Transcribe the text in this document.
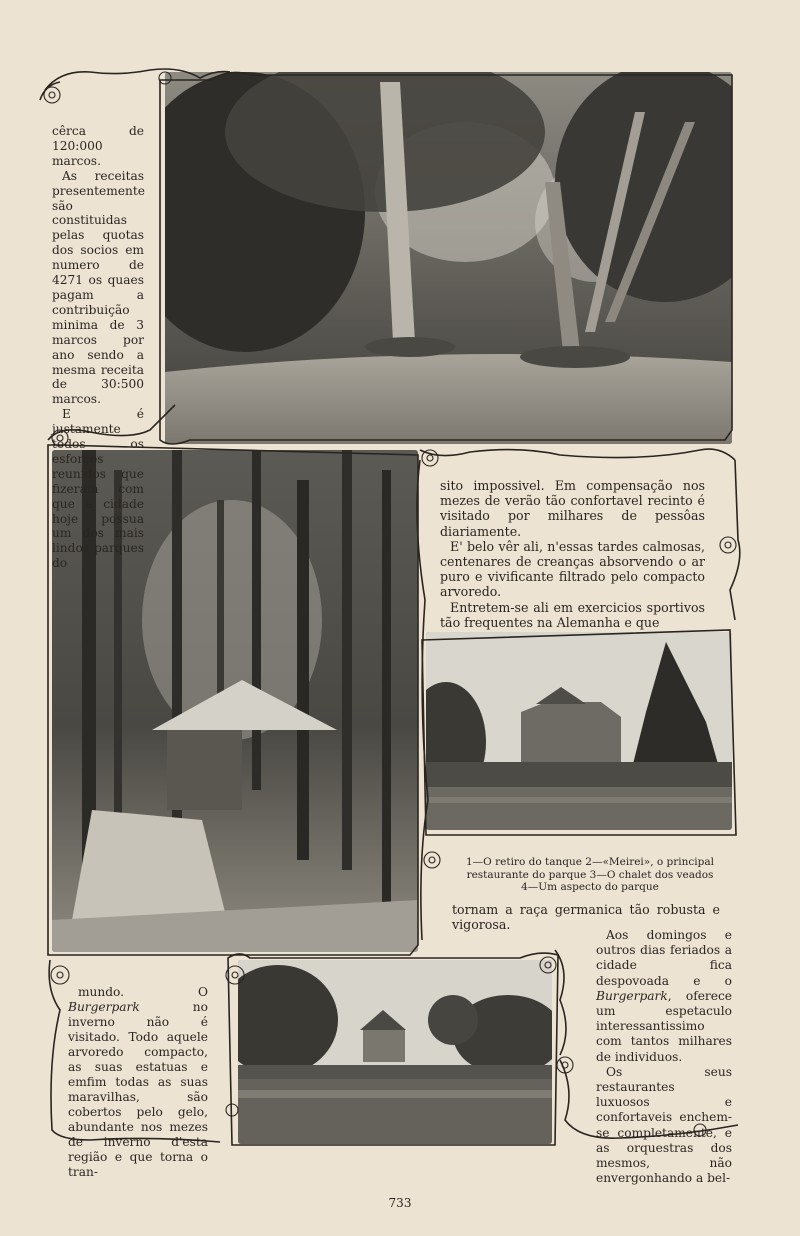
cêrca de 120:000 marcos.

As receitas presentemente são constituidas pelas quotas dos socios em numero de 4271 os quaes pagam a contribuição minima de 3 marcos por ano sendo a mesma receita de 30:500 marcos.

E é justamente todos os esforços reunidos que fizeram com que a cidade hoje possua um dos mais lindos parques do

sito impossivel. Em compensação nos mezes de verão tão confortavel recinto é visitado por milhares de pessôas diariamente.

E' belo vêr ali, n'essas tardes calmosas, centenares de creanças absorvendo o ar puro e vivificante filtrado pelo compacto arvoredo.

Entretem-se ali em exercicios sportivos tão frequentes na Alemanha e que

1—O retiro do tanque 2—«Meirei», o principal
restaurante do parque 3—O chalet dos veados
4—Um aspecto do parque

tornam a raça germanica tão robusta e vigorosa.

mundo. O Burgerpark no inverno não é visitado. Todo aquele arvoredo compacto, as suas estatuas e emfim todas as suas maravilhas, são cobertos pelo gelo, abundante nos mezes de inverno d'esta região e que torna o tran-

Aos domingos e outros dias feriados a cidade fica despovoada e o Burgerpark, oferece um espetaculo interessantissimo com tantos milhares de individuos.

Os seus restaurantes luxuosos e confortaveis enchem-se completamente, e as orquestras dos mesmos, não envergonhando a bel-

733
